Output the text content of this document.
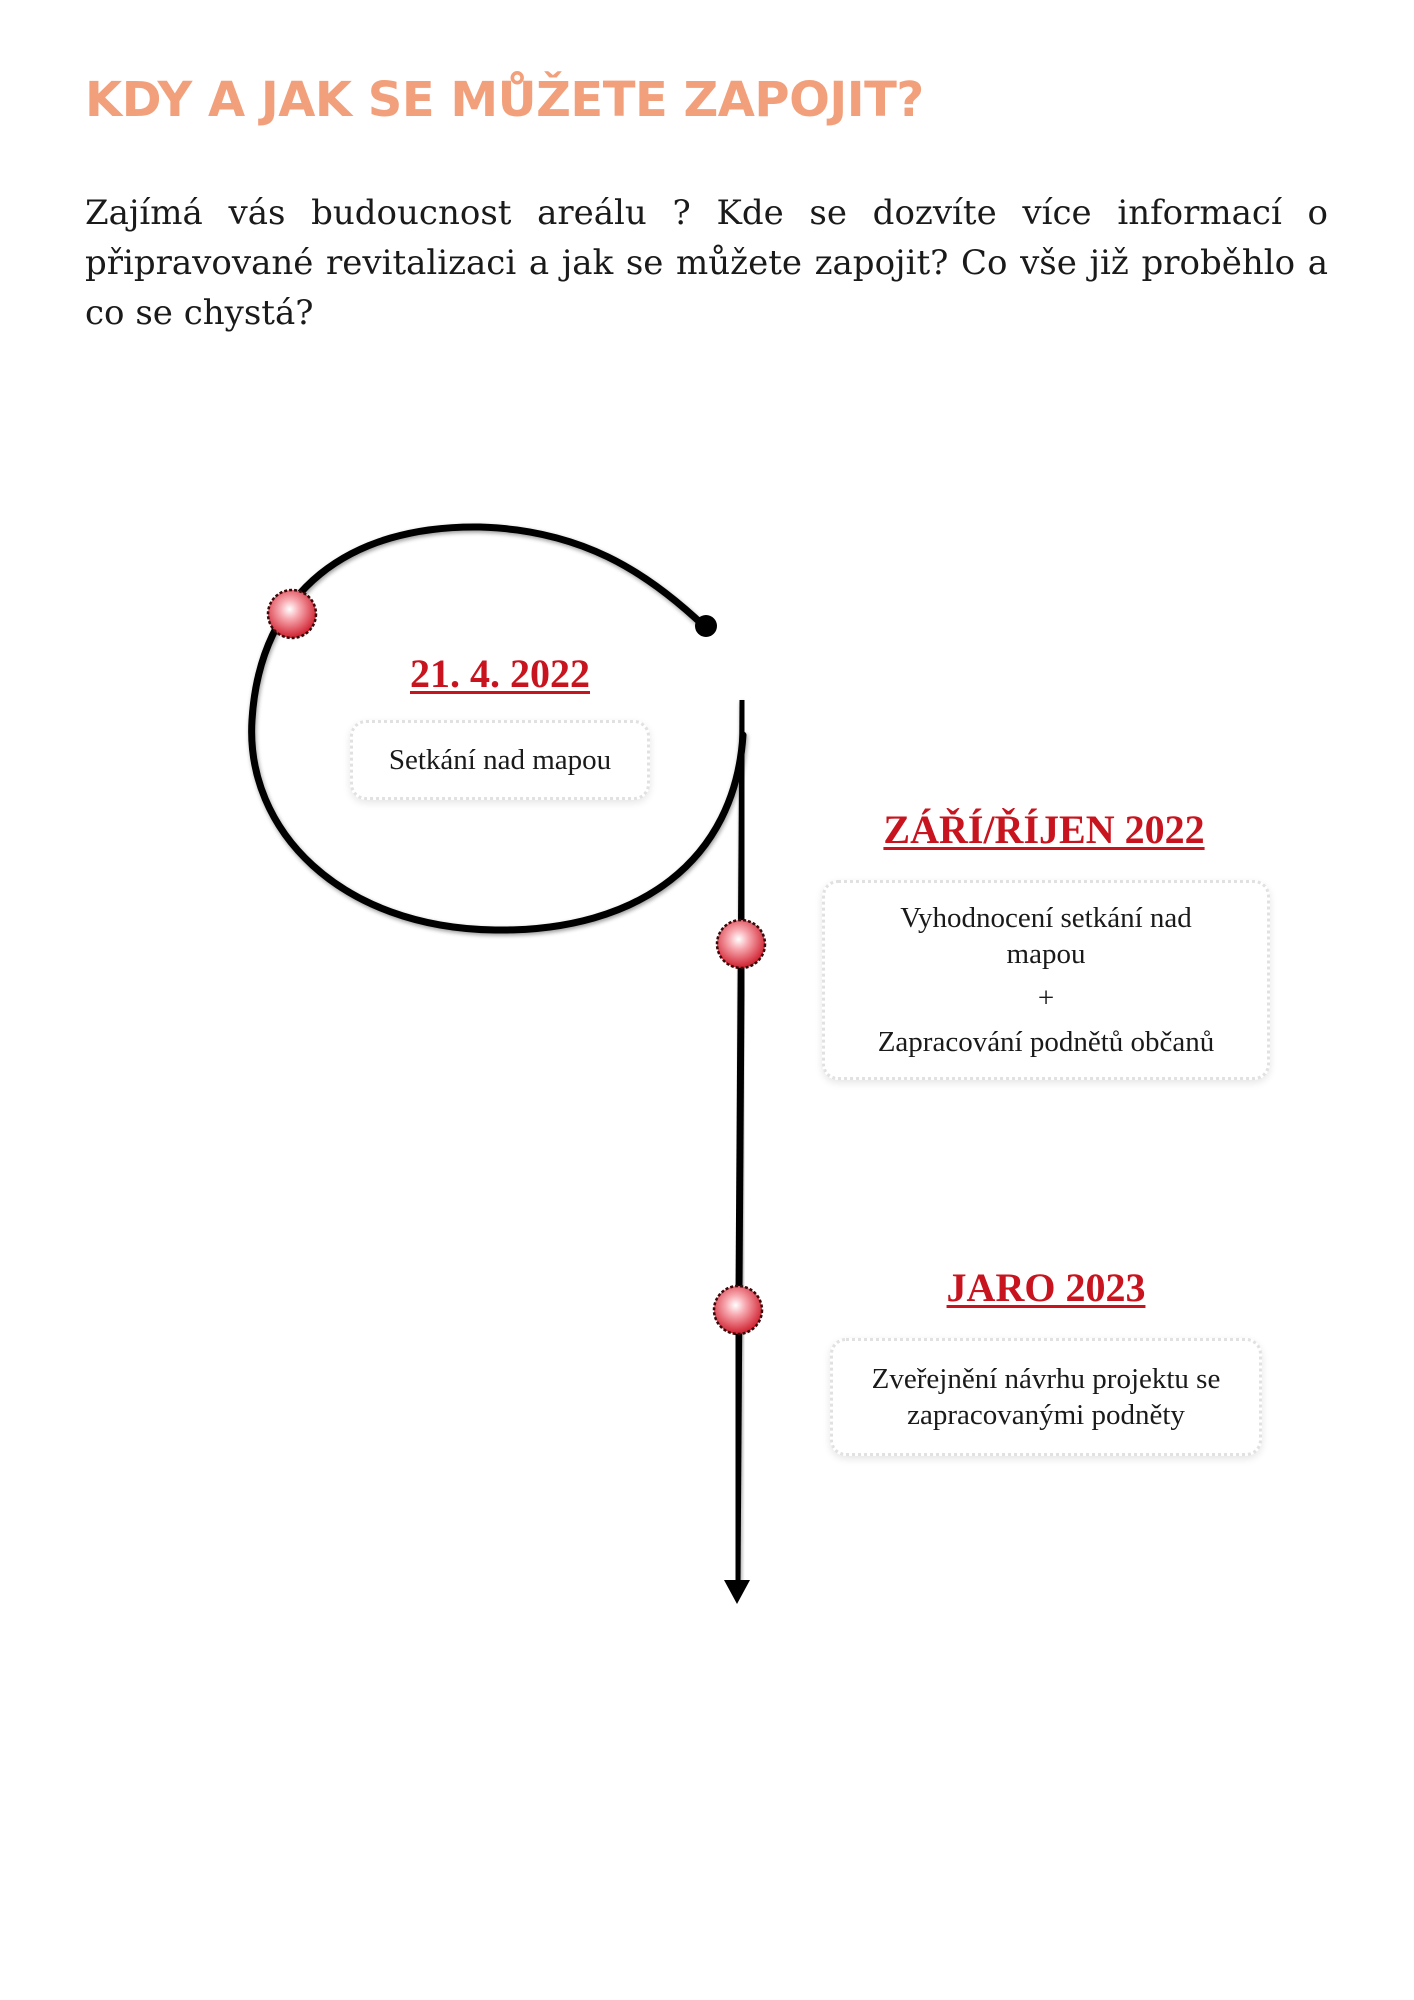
KDY A JAK SE MŮŽETE ZAPOJIT?

Zajímá vás budoucnost areálu ? Kde se dozvíte více informací o připravované revitalizaci a jak se můžete zapojit? Co vše již proběhlo a co se chystá?

21. 4. 2022
Setkání nad mapou
ZÁŘÍ/ŘÍJEN 2022
Vyhodnocení setkání nad mapou
+
Zapracování podnětů občanů
JARO 2023
Zveřejnění návrhu projektu se zapracovanými podněty
